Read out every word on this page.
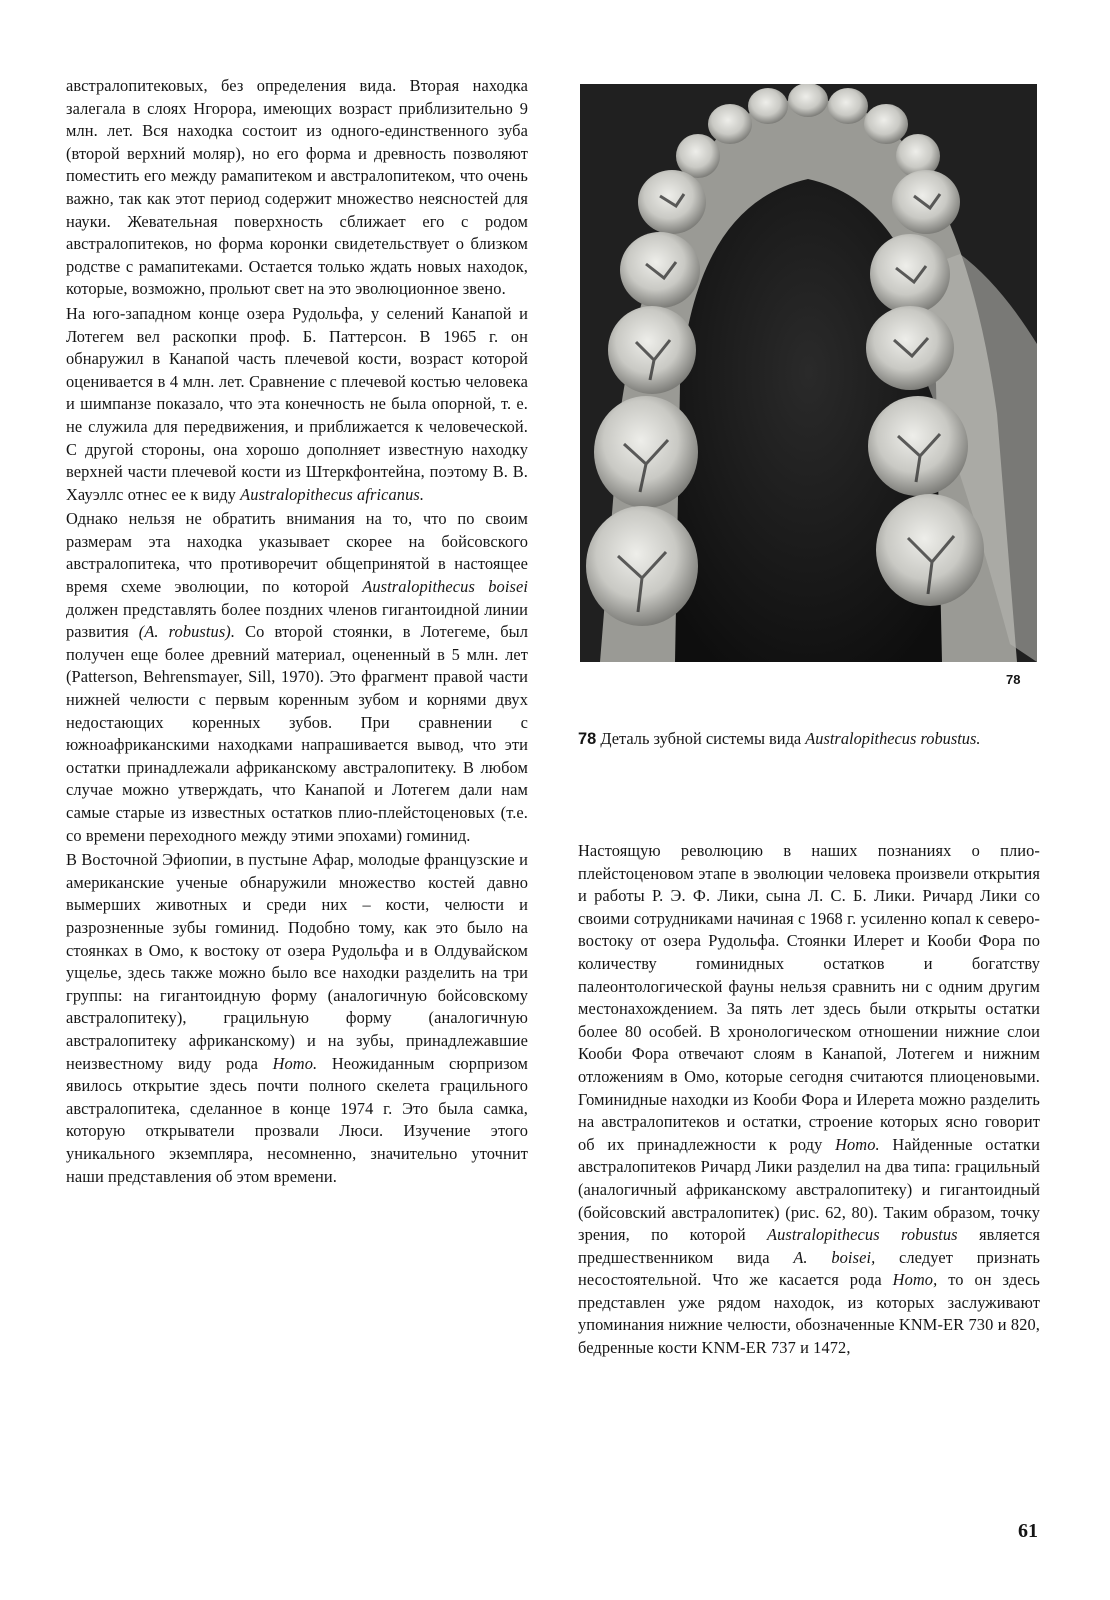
австралопитековых, без определения вида. Вторая находка залегала в слоях Нгорора, имеющих возраст приблизительно 9 млн. лет. Вся находка состоит из одного-единственного зуба (второй верхний моляр), но его форма и древность позволяют поместить его между рамапитеком и австралопитеком, что очень важно, так как этот период содержит множество неясностей для науки. Жевательная поверхность сближает его с родом австралопитеков, но форма коронки свидетельствует о близком родстве с рамапитеками. Остается только ждать новых находок, которые, возможно, прольют свет на это эволюционное звено.

На юго-западном конце озера Рудольфа, у селений Канапой и Лотегем вел раскопки проф. Б. Паттерсон. В 1965 г. он обнаружил в Канапой часть плечевой кости, возраст которой оценивается в 4 млн. лет. Сравнение с плечевой костью человека и шимпанзе показало, что эта конечность не была опорной, т. е. не служила для передвижения, и приближается к человеческой. С другой стороны, она хорошо дополняет известную находку верхней части плечевой кости из Штеркфонтейна, поэтому В. В. Хауэллс отнес ее к виду Australopithecus africanus.

Однако нельзя не обратить внимания на то, что по своим размерам эта находка указывает скорее на бойсовского австралопитека, что противоречит общепринятой в настоящее время схеме эволюции, по которой Australopithecus boisei должен представлять более поздних членов гигантоидной линии развития (A. robustus). Со второй стоянки, в Лотегеме, был получен еще более древний материал, оцененный в 5 млн. лет (Patterson, Behrensmayer, Sill, 1970). Это фрагмент правой части нижней челюсти с первым коренным зубом и корнями двух недостающих коренных зубов. При сравнении с южноафриканскими находками напрашивается вывод, что эти остатки принадлежали африканскому австралопитеку. В любом случае можно утверждать, что Канапой и Лотегем дали нам самые старые из известных остатков плио-плейстоценовых (т.е. со времени переходного между этими эпохами) гоминид.

В Восточной Эфиопии, в пустыне Афар, молодые французские и американские ученые обнаружили множество костей давно вымерших животных и среди них – кости, челюсти и разрозненные зубы гоминид. Подобно тому, как это было на стоянках в Омо, к востоку от озера Рудольфа и в Олдувайском ущелье, здесь также можно было все находки разделить на три группы: на гигантоидную форму (аналогичную бойсовскому австралопитеку), грацильную форму (аналогичную австралопитеку африканскому) и на зубы, принадлежавшие неизвестному виду рода Homo. Неожиданным сюрпризом явилось открытие здесь почти полного скелета грацильного австралопитека, сделанное в конце 1974 г. Это была самка, которую открыватели прозвали Люси. Изучение этого уникального экземпляра, несомненно, значительно уточнит наши представления об этом времени.

78
78 Деталь зубной системы вида Australopithecus robustus.

Настоящую революцию в наших познаниях о плио-плейстоценовом этапе в эволюции человека произвели открытия и работы Р. Э. Ф. Лики, сына Л. С. Б. Лики. Ричард Лики со своими сотрудниками начиная с 1968 г. усиленно копал к северо-востоку от озера Рудольфа. Стоянки Илерет и Кооби Фора по количеству гоминидных остатков и богатству палеонтологической фауны нельзя сравнить ни с одним другим местонахождением. За пять лет здесь были открыты остатки более 80 особей. В хронологическом отношении нижние слои Кооби Фора отвечают слоям в Канапой, Лотегем и нижним отложениям в Омо, которые сегодня считаются плиоценовыми. Гоминидные находки из Кооби Фора и Илерета можно разделить на австралопитеков и остатки, строение которых ясно говорит об их принадлежности к роду Homo. Найденные остатки австралопитеков Ричард Лики разделил на два типа: грацильный (аналогичный африканскому австралопитеку) и гигантоидный (бойсовский австралопитек) (рис. 62, 80). Таким образом, точку зрения, по которой Australopithecus robustus является предшественником вида A. boisei, следует признать несостоятельной. Что же касается рода Homo, то он здесь представлен уже рядом находок, из которых заслуживают упоминания нижние челюсти, обозначенные KNM-ER 730 и 820, бедренные кости KNM-ER 737 и 1472,

61
